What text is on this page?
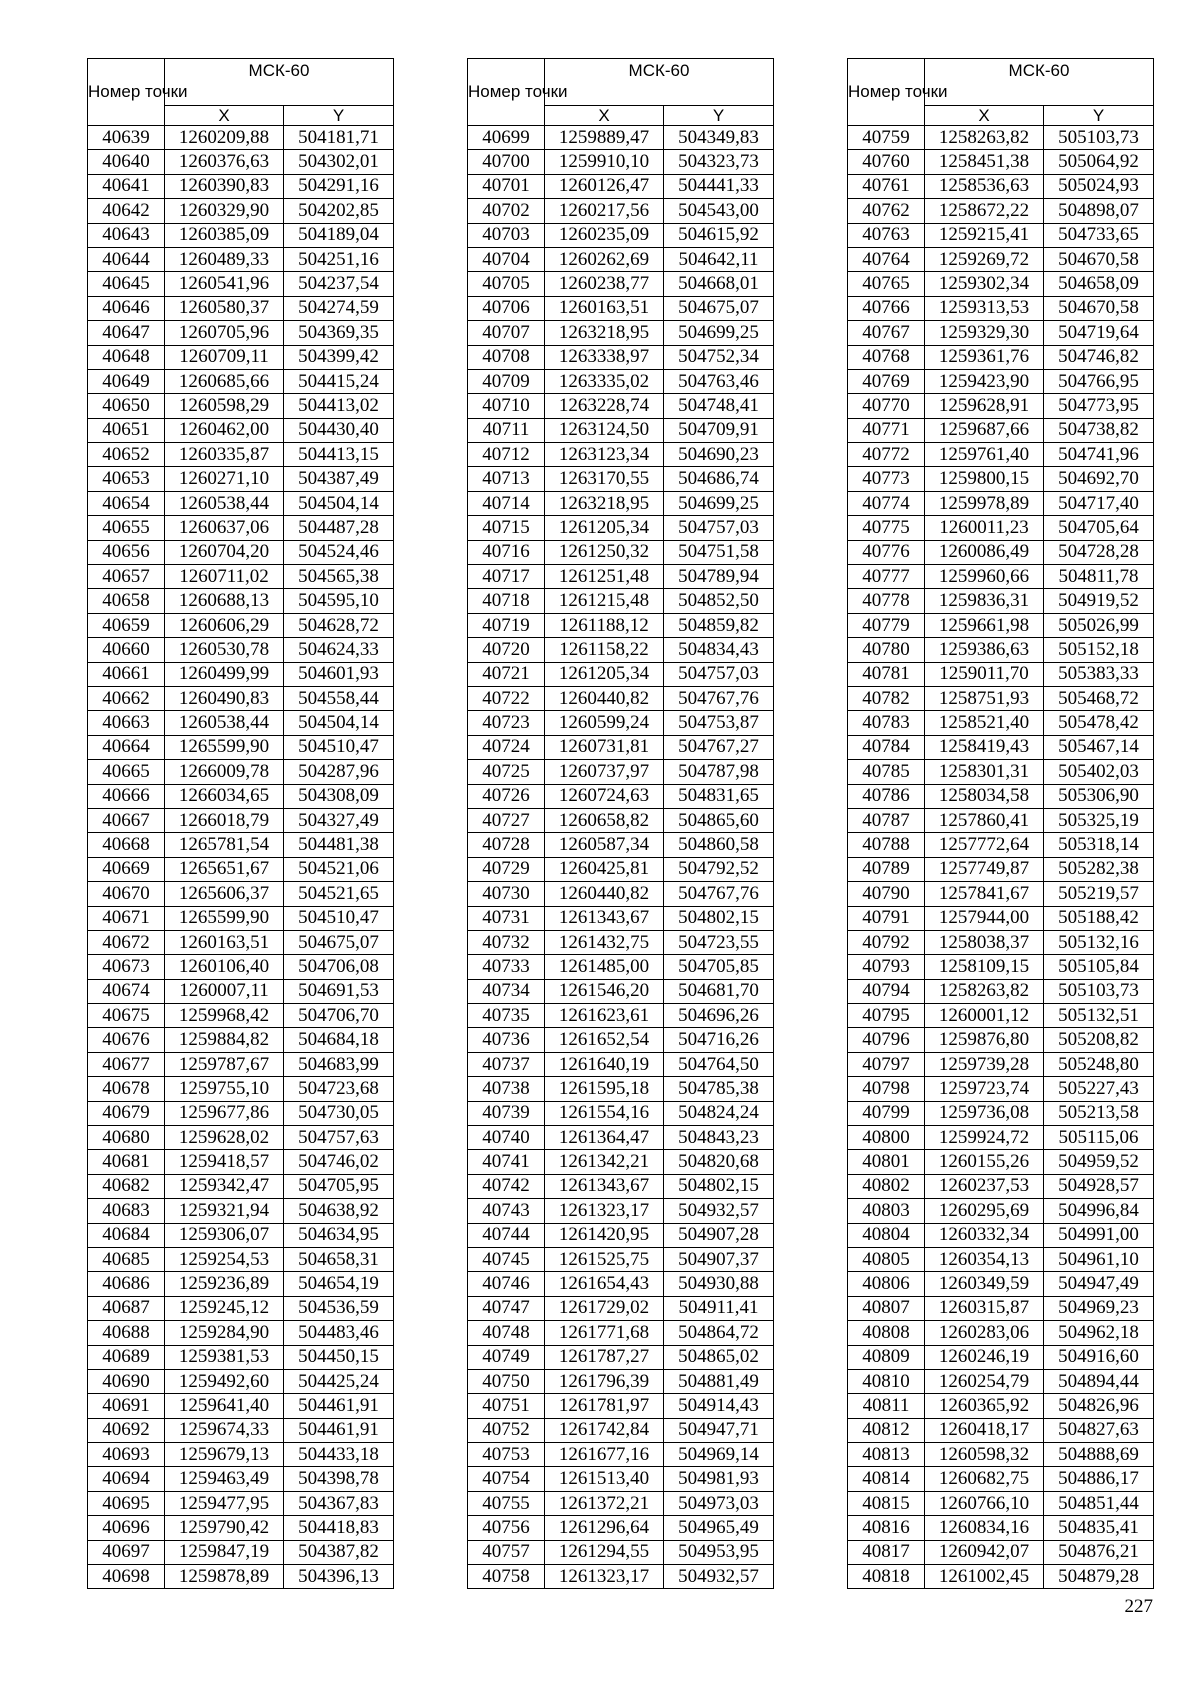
Номер точки	МСК-60	
	X	Y
40639	1260209,88	504181,71
40640	1260376,63	504302,01
40641	1260390,83	504291,16
40642	1260329,90	504202,85
40643	1260385,09	504189,04
40644	1260489,33	504251,16
40645	1260541,96	504237,54
40646	1260580,37	504274,59
40647	1260705,96	504369,35
40648	1260709,11	504399,42
40649	1260685,66	504415,24
40650	1260598,29	504413,02
40651	1260462,00	504430,40
40652	1260335,87	504413,15
40653	1260271,10	504387,49
40654	1260538,44	504504,14
40655	1260637,06	504487,28
40656	1260704,20	504524,46
40657	1260711,02	504565,38
40658	1260688,13	504595,10
40659	1260606,29	504628,72
40660	1260530,78	504624,33
40661	1260499,99	504601,93
40662	1260490,83	504558,44
40663	1260538,44	504504,14
40664	1265599,90	504510,47
40665	1266009,78	504287,96
40666	1266034,65	504308,09
40667	1266018,79	504327,49
40668	1265781,54	504481,38
40669	1265651,67	504521,06
40670	1265606,37	504521,65
40671	1265599,90	504510,47
40672	1260163,51	504675,07
40673	1260106,40	504706,08
40674	1260007,11	504691,53
40675	1259968,42	504706,70
40676	1259884,82	504684,18
40677	1259787,67	504683,99
40678	1259755,10	504723,68
40679	1259677,86	504730,05
40680	1259628,02	504757,63
40681	1259418,57	504746,02
40682	1259342,47	504705,95
40683	1259321,94	504638,92
40684	1259306,07	504634,95
40685	1259254,53	504658,31
40686	1259236,89	504654,19
40687	1259245,12	504536,59
40688	1259284,90	504483,46
40689	1259381,53	504450,15
40690	1259492,60	504425,24
40691	1259641,40	504461,91
40692	1259674,33	504461,91
40693	1259679,13	504433,18
40694	1259463,49	504398,78
40695	1259477,95	504367,83
40696	1259790,42	504418,83
40697	1259847,19	504387,82
40698	1259878,89	504396,13
Номер точки	МСК-60	
	X	Y
40699	1259889,47	504349,83
40700	1259910,10	504323,73
40701	1260126,47	504441,33
40702	1260217,56	504543,00
40703	1260235,09	504615,92
40704	1260262,69	504642,11
40705	1260238,77	504668,01
40706	1260163,51	504675,07
40707	1263218,95	504699,25
40708	1263338,97	504752,34
40709	1263335,02	504763,46
40710	1263228,74	504748,41
40711	1263124,50	504709,91
40712	1263123,34	504690,23
40713	1263170,55	504686,74
40714	1263218,95	504699,25
40715	1261205,34	504757,03
40716	1261250,32	504751,58
40717	1261251,48	504789,94
40718	1261215,48	504852,50
40719	1261188,12	504859,82
40720	1261158,22	504834,43
40721	1261205,34	504757,03
40722	1260440,82	504767,76
40723	1260599,24	504753,87
40724	1260731,81	504767,27
40725	1260737,97	504787,98
40726	1260724,63	504831,65
40727	1260658,82	504865,60
40728	1260587,34	504860,58
40729	1260425,81	504792,52
40730	1260440,82	504767,76
40731	1261343,67	504802,15
40732	1261432,75	504723,55
40733	1261485,00	504705,85
40734	1261546,20	504681,70
40735	1261623,61	504696,26
40736	1261652,54	504716,26
40737	1261640,19	504764,50
40738	1261595,18	504785,38
40739	1261554,16	504824,24
40740	1261364,47	504843,23
40741	1261342,21	504820,68
40742	1261343,67	504802,15
40743	1261323,17	504932,57
40744	1261420,95	504907,28
40745	1261525,75	504907,37
40746	1261654,43	504930,88
40747	1261729,02	504911,41
40748	1261771,68	504864,72
40749	1261787,27	504865,02
40750	1261796,39	504881,49
40751	1261781,97	504914,43
40752	1261742,84	504947,71
40753	1261677,16	504969,14
40754	1261513,40	504981,93
40755	1261372,21	504973,03
40756	1261296,64	504965,49
40757	1261294,55	504953,95
40758	1261323,17	504932,57
Номер точки	МСК-60	
	X	Y
40759	1258263,82	505103,73
40760	1258451,38	505064,92
40761	1258536,63	505024,93
40762	1258672,22	504898,07
40763	1259215,41	504733,65
40764	1259269,72	504670,58
40765	1259302,34	504658,09
40766	1259313,53	504670,58
40767	1259329,30	504719,64
40768	1259361,76	504746,82
40769	1259423,90	504766,95
40770	1259628,91	504773,95
40771	1259687,66	504738,82
40772	1259761,40	504741,96
40773	1259800,15	504692,70
40774	1259978,89	504717,40
40775	1260011,23	504705,64
40776	1260086,49	504728,28
40777	1259960,66	504811,78
40778	1259836,31	504919,52
40779	1259661,98	505026,99
40780	1259386,63	505152,18
40781	1259011,70	505383,33
40782	1258751,93	505468,72
40783	1258521,40	505478,42
40784	1258419,43	505467,14
40785	1258301,31	505402,03
40786	1258034,58	505306,90
40787	1257860,41	505325,19
40788	1257772,64	505318,14
40789	1257749,87	505282,38
40790	1257841,67	505219,57
40791	1257944,00	505188,42
40792	1258038,37	505132,16
40793	1258109,15	505105,84
40794	1258263,82	505103,73
40795	1260001,12	505132,51
40796	1259876,80	505208,82
40797	1259739,28	505248,80
40798	1259723,74	505227,43
40799	1259736,08	505213,58
40800	1259924,72	505115,06
40801	1260155,26	504959,52
40802	1260237,53	504928,57
40803	1260295,69	504996,84
40804	1260332,34	504991,00
40805	1260354,13	504961,10
40806	1260349,59	504947,49
40807	1260315,87	504969,23
40808	1260283,06	504962,18
40809	1260246,19	504916,60
40810	1260254,79	504894,44
40811	1260365,92	504826,96
40812	1260418,17	504827,63
40813	1260598,32	504888,69
40814	1260682,75	504886,17
40815	1260766,10	504851,44
40816	1260834,16	504835,41
40817	1260942,07	504876,21
40818	1261002,45	504879,28
227
